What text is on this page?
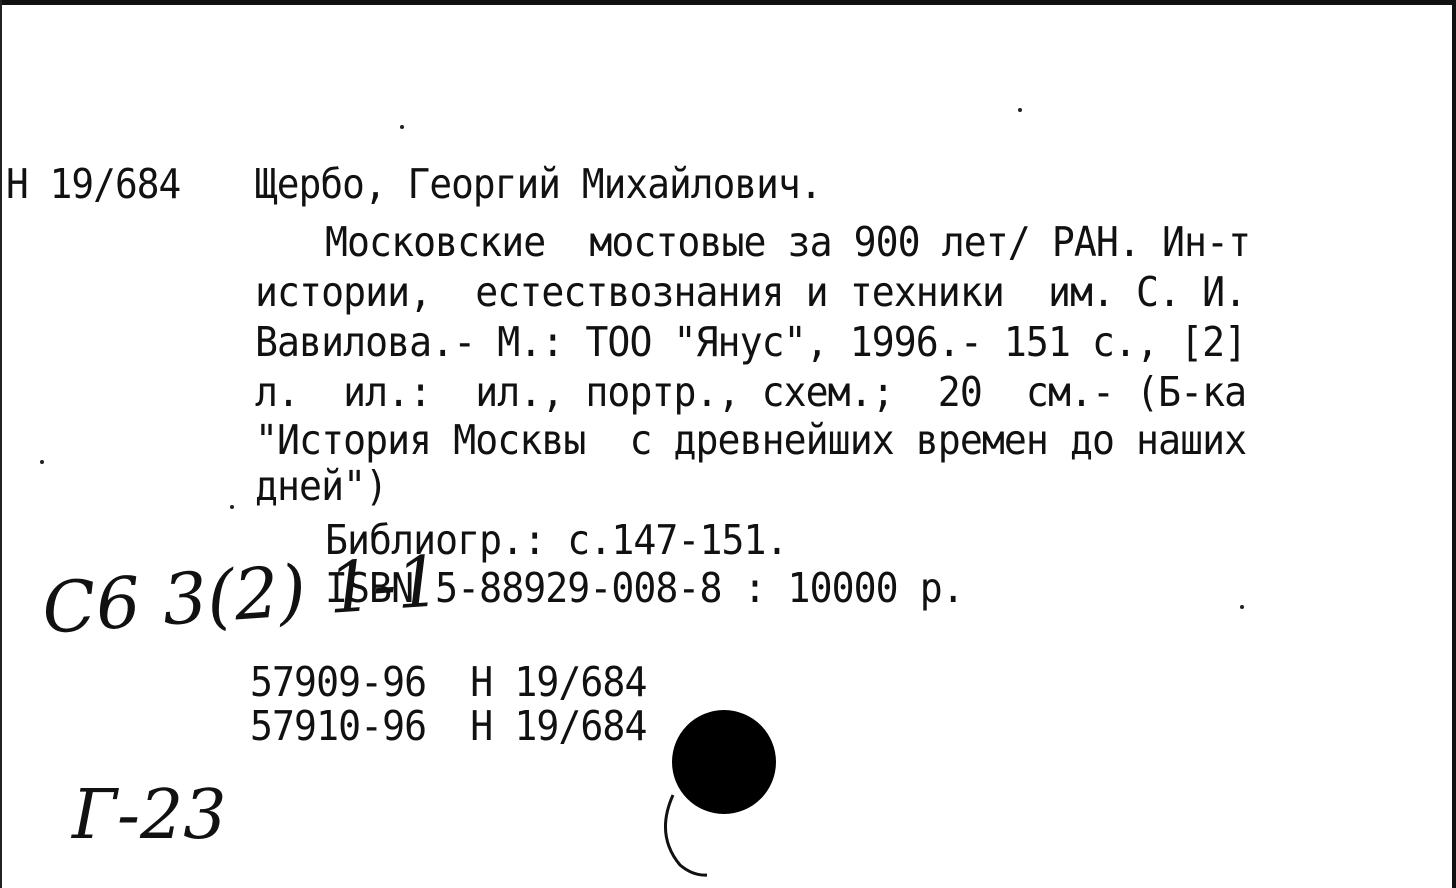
Н 19/684 Щербо, Георгий Михайлович.
Московские  мостовые за 900 лет/ РАН. Ин-т
истории,  естествознания и техники  им. С. И.
Вавилова.- М.: ТОО "Янус", 1996.- 151 с., [2]
л.  ил.:  ил., портр., схем.;  20  см.- (Б-ка
"История Москвы  с древнейших времен до наших
дней")
Библиогр.: с.147-151.
ISBN 5-88929-008-8 : 10000 р.
57909-96  Н 19/684
57910-96  Н 19/684
С6 3(2) 1-1
Г-23
